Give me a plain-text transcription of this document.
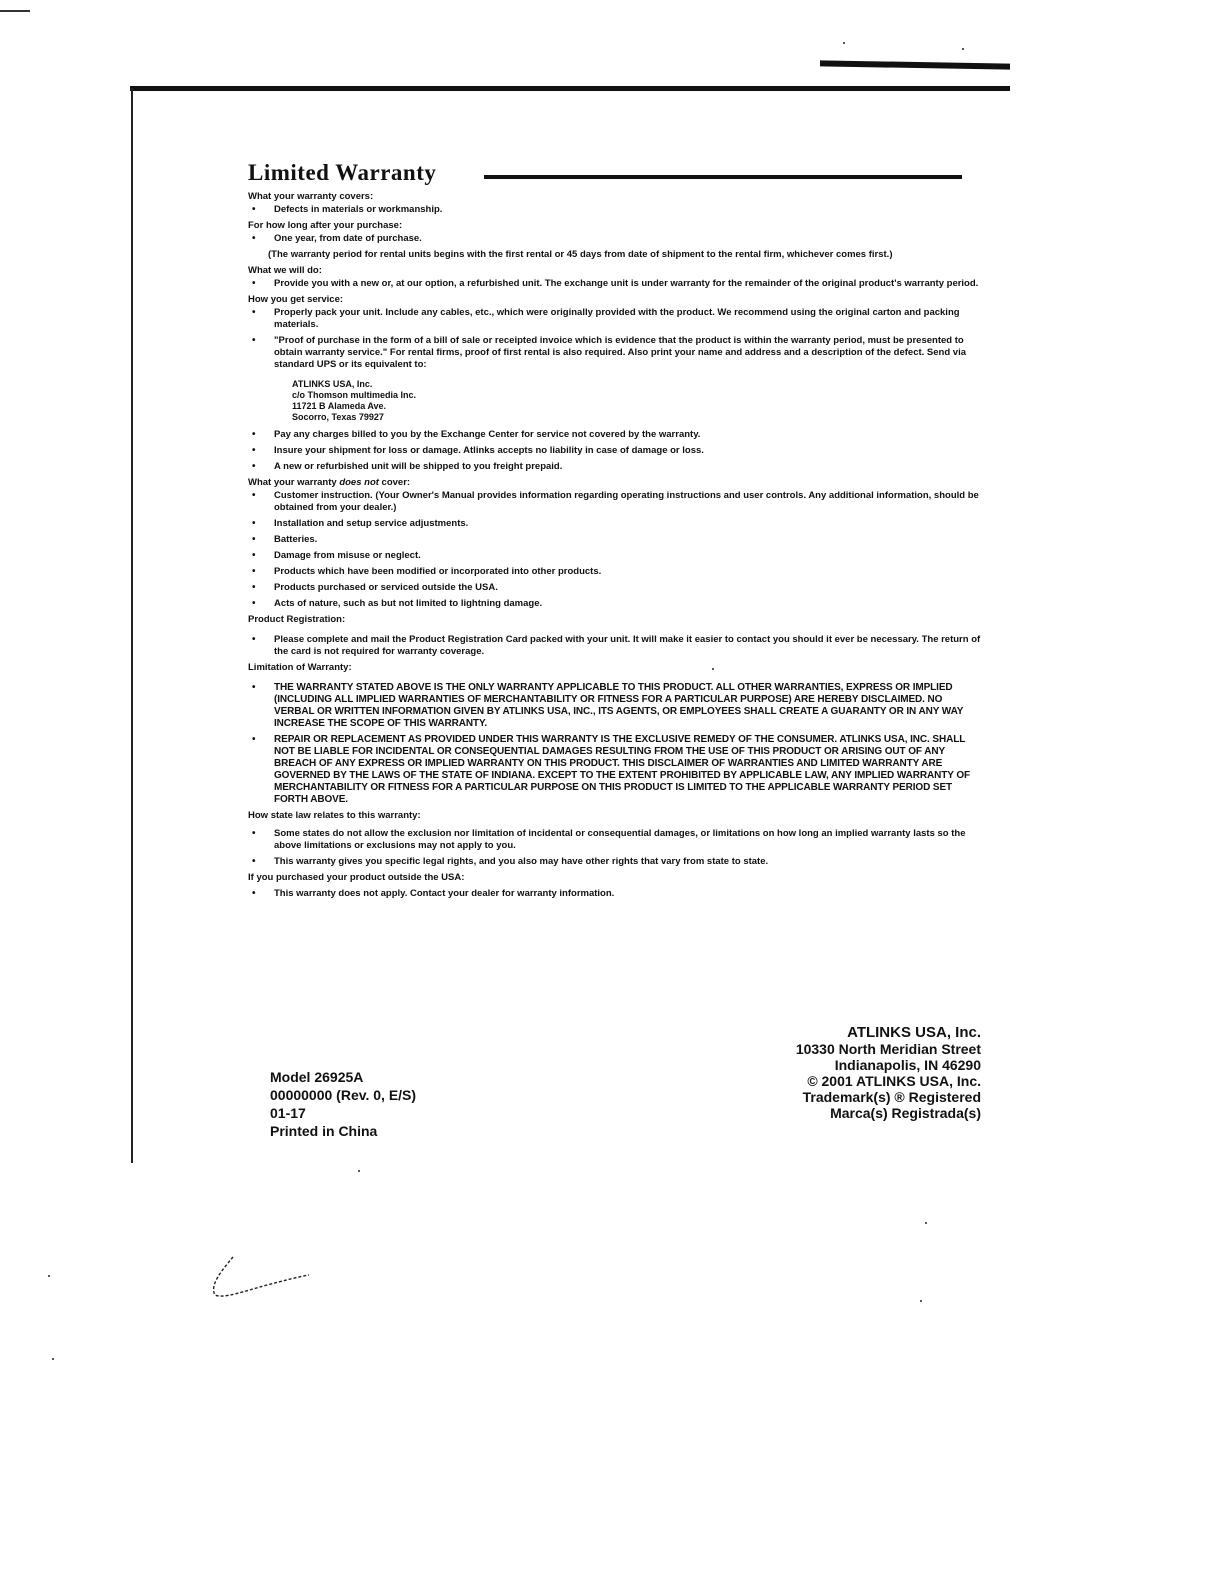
Limited Warranty
What your warranty covers:
• Defects in materials or workmanship.
For how long after your purchase:
• One year, from date of purchase.
(The warranty period for rental units begins with the first rental or 45 days from date of shipment to the rental firm, whichever comes first.)
What we will do:
• Provide you with a new or, at our option, a refurbished unit. The exchange unit is under warranty for the remainder of the original product's warranty period.
How you get service:
• Properly pack your unit. Include any cables, etc., which were originally provided with the product. We recommend using the original carton and packing materials.
• "Proof of purchase in the form of a bill of sale or receipted invoice which is evidence that the product is within the warranty period, must be presented to obtain warranty service." For rental firms, proof of first rental is also required. Also print your name and address and a description of the defect. Send via standard UPS or its equivalent to:
ATLINKS USA, Inc.
c/o Thomson multimedia Inc.
11721 B Alameda Ave.
Socorro, Texas 79927
• Pay any charges billed to you by the Exchange Center for service not covered by the warranty.
• Insure your shipment for loss or damage. Atlinks accepts no liability in case of damage or loss.
• A new or refurbished unit will be shipped to you freight prepaid.
What your warranty does not cover:
• Customer instruction. (Your Owner's Manual provides information regarding operating instructions and user controls. Any additional information, should be obtained from your dealer.)
• Installation and setup service adjustments.
• Batteries.
• Damage from misuse or neglect.
• Products which have been modified or incorporated into other products.
• Products purchased or serviced outside the USA.
• Acts of nature, such as but not limited to lightning damage.
Product Registration:
• Please complete and mail the Product Registration Card packed with your unit. It will make it easier to contact you should it ever be necessary. The return of the card is not required for warranty coverage.
Limitation of Warranty:
• THE WARRANTY STATED ABOVE IS THE ONLY WARRANTY APPLICABLE TO THIS PRODUCT. ALL OTHER WARRANTIES, EXPRESS OR IMPLIED (INCLUDING ALL IMPLIED WARRANTIES OF MERCHANTABILITY OR FITNESS FOR A PARTICULAR PURPOSE) ARE HEREBY DISCLAIMED. NO VERBAL OR WRITTEN INFORMATION GIVEN BY ATLINKS USA, INC., ITS AGENTS, OR EMPLOYEES SHALL CREATE A GUARANTY OR IN ANY WAY INCREASE THE SCOPE OF THIS WARRANTY.
• REPAIR OR REPLACEMENT AS PROVIDED UNDER THIS WARRANTY IS THE EXCLUSIVE REMEDY OF THE CONSUMER. ATLINKS USA, INC. SHALL NOT BE LIABLE FOR INCIDENTAL OR CONSEQUENTIAL DAMAGES RESULTING FROM THE USE OF THIS PRODUCT OR ARISING OUT OF ANY BREACH OF ANY EXPRESS OR IMPLIED WARRANTY ON THIS PRODUCT. THIS DISCLAIMER OF WARRANTIES AND LIMITED WARRANTY ARE GOVERNED BY THE LAWS OF THE STATE OF INDIANA. EXCEPT TO THE EXTENT PROHIBITED BY APPLICABLE LAW, ANY IMPLIED WARRANTY OF MERCHANTABILITY OR FITNESS FOR A PARTICULAR PURPOSE ON THIS PRODUCT IS LIMITED TO THE APPLICABLE WARRANTY PERIOD SET FORTH ABOVE.
How state law relates to this warranty:
• Some states do not allow the exclusion nor limitation of incidental or consequential damages, or limitations on how long an implied warranty lasts so the above limitations or exclusions may not apply to you.
• This warranty gives you specific legal rights, and you also may have other rights that vary from state to state.
If you purchased your product outside the USA:
• This warranty does not apply. Contact your dealer for warranty information.
Model 26925A
00000000 (Rev. 0, E/S)
01-17
Printed in China
ATLINKS USA, Inc.
10330 North Meridian Street
Indianapolis, IN 46290
© 2001 ATLINKS USA, Inc.
Trademark(s) ® Registered
Marca(s) Registrada(s)
